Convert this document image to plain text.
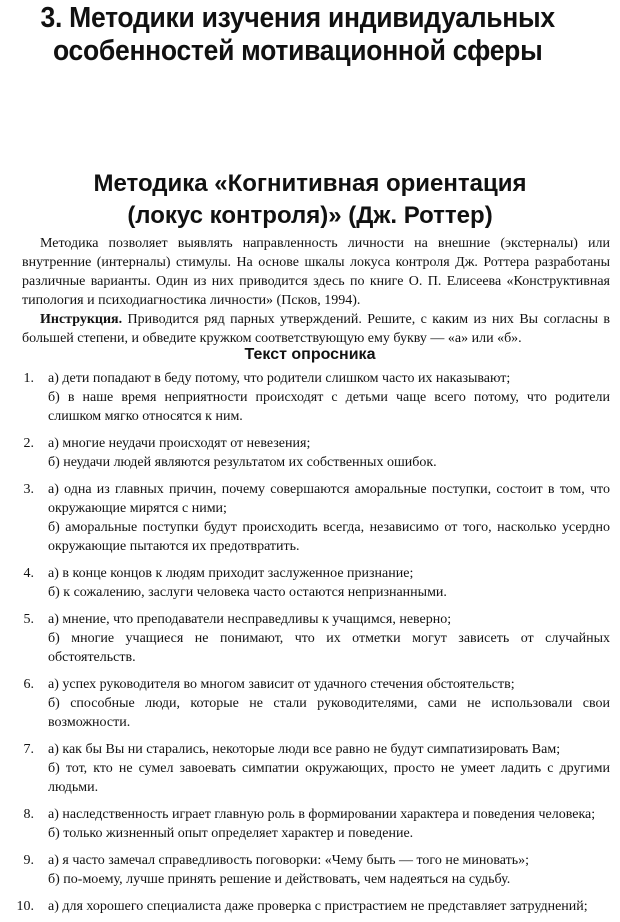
3. Методики изучения индивидуальных
особенностей мотивационной сферы
Методика «Когнитивная ориентация
(локус контроля)» (Дж. Роттер)

Методика позволяет выявлять направленность личности на внешние (экстерналы) или внутренние (интерналы) стимулы. На основе шкалы локуса контроля Дж. Роттера разработаны различные варианты. Один из них приводится здесь по книге О. П. Елисеева «Конструктивная типология и психодиагностика личности» (Псков, 1994).

Инструкция. Приводится ряд парных утверждений. Решите, с каким из них Вы согласны в большей степени, и обведите кружком соответствующую ему букву — «а» или «б».

Текст опросника
1. а) дети попадают в беду потому, что родители слишком часто их наказывают;
б) в наше время неприятности происходят с детьми чаще всего потому, что родители слишком мягко относятся к ним.
2. а) многие неудачи происходят от невезения;
б) неудачи людей являются результатом их собственных ошибок.
3. а) одна из главных причин, почему совершаются аморальные поступки, состоит в том, что окружающие мирятся с ними;
б) аморальные поступки будут происходить всегда, независимо от того, насколько усердно окружающие пытаются их предотвратить.
4. а) в конце концов к людям приходит заслуженное признание;
б) к сожалению, заслуги человека часто остаются непризнанными.
5. а) мнение, что преподаватели несправедливы к учащимся, неверно;
б) многие учащиеся не понимают, что их отметки могут зависеть от случайных обстоятельств.
6. а) успех руководителя во многом зависит от удачного стечения обстоятельств;
б) способные люди, которые не стали руководителями, сами не использовали свои возможности.
7. а) как бы Вы ни старались, некоторые люди все равно не будут симпатизировать Вам;
б) тот, кто не сумел завоевать симпатии окружающих, просто не умеет ладить с другими людьми.
8. а) наследственность играет главную роль в формировании характера и поведения человека;
б) только жизненный опыт определяет характер и поведение.
9. а) я часто замечал справедливость поговорки: «Чему быть — того не миновать»;
б) по-моему, лучше принять решение и действовать, чем надеяться на судьбу.
10. а) для хорошего специалиста даже проверка с пристрастием не представляет затруднений;
